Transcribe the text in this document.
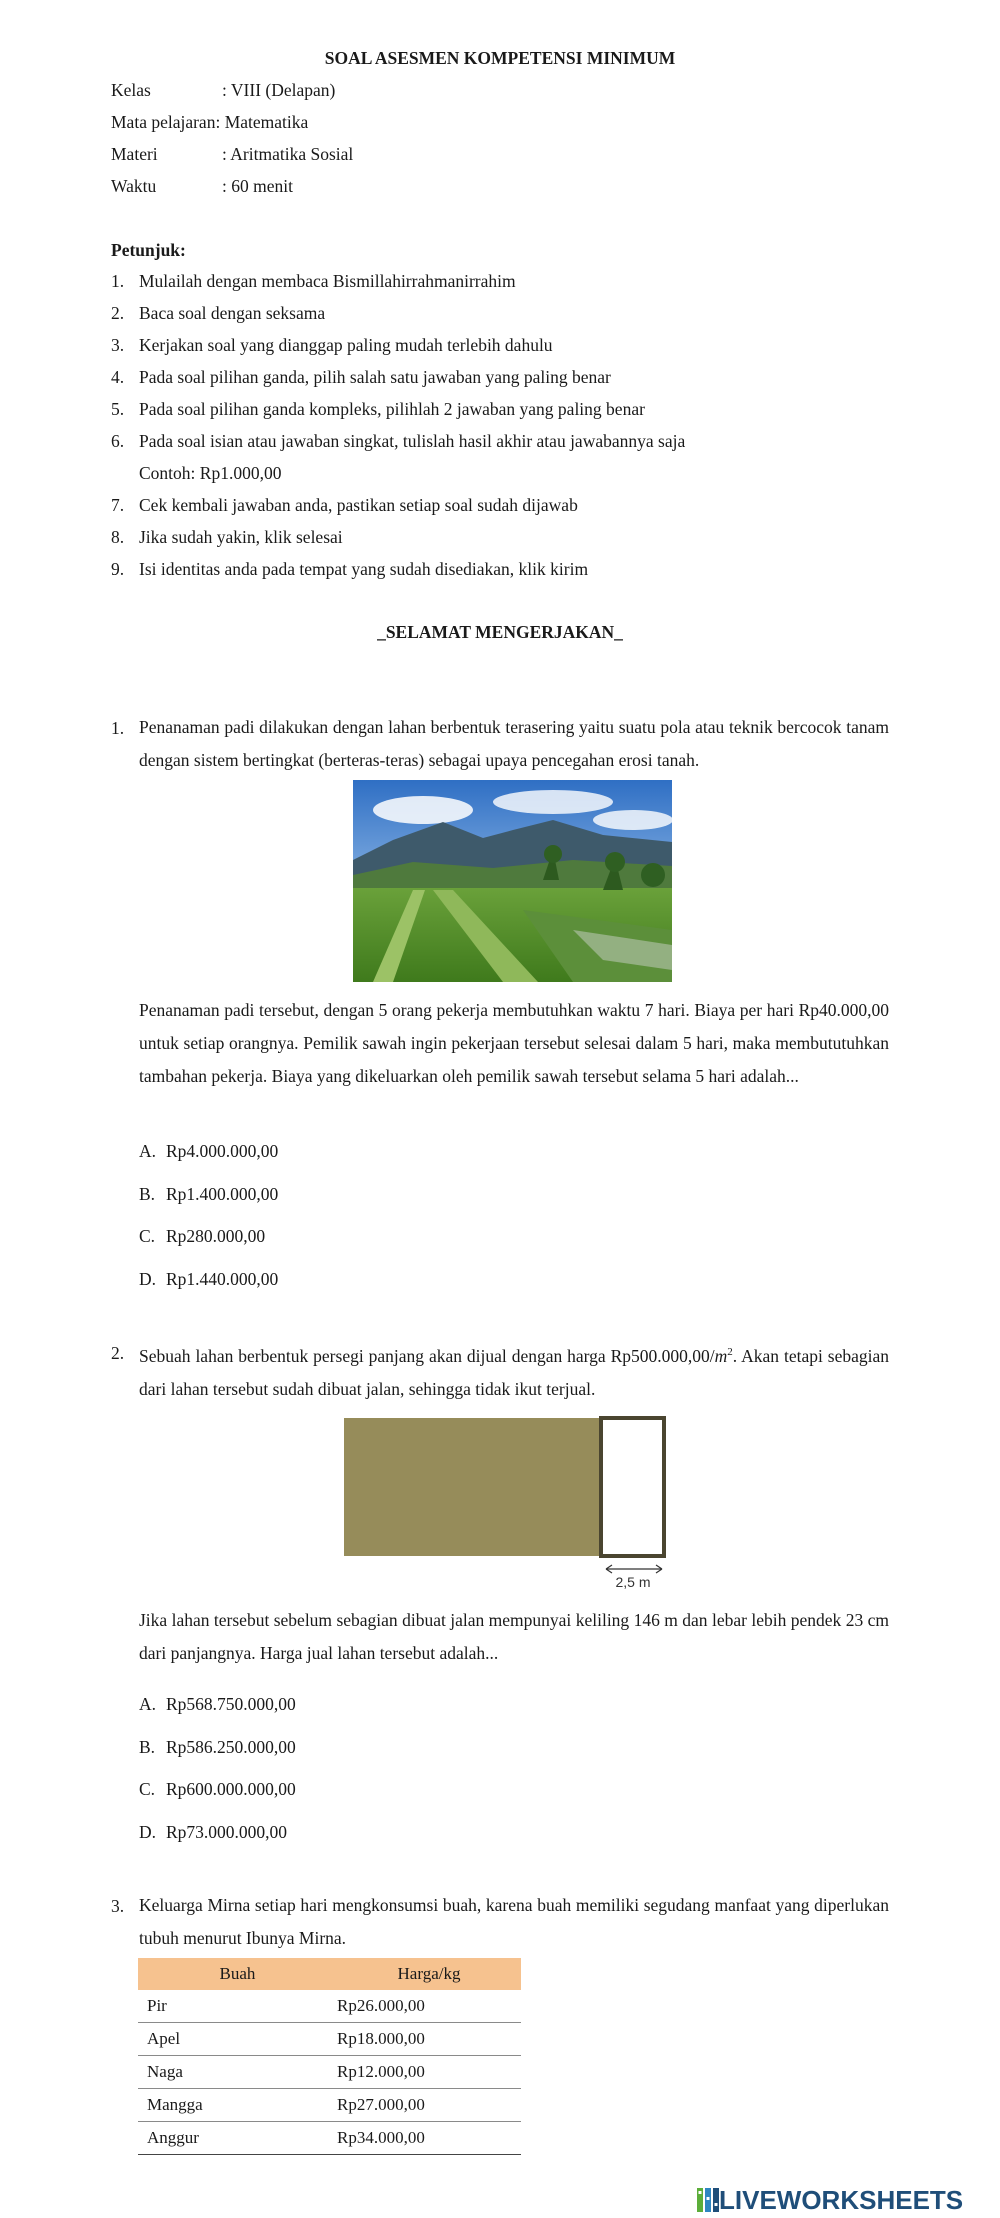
SOAL ASESMEN KOMPETENSI MINIMUM
Kelas	: VIII (Delapan)
Mata pelajaran: Matematika
Materi	: Aritmatika Sosial
Waktu	: 60 menit
Petunjuk:
1. Mulailah dengan membaca Bismillahirrahmanirrahim
2. Baca soal dengan seksama
3. Kerjakan soal yang dianggap paling mudah terlebih dahulu
4. Pada soal pilihan ganda, pilih salah satu jawaban yang paling benar
5. Pada soal pilihan ganda kompleks, pilihlah 2 jawaban yang paling benar
6. Pada soal isian atau jawaban singkat, tulislah hasil akhir atau jawabannya saja
Contoh: Rp1.000,00
7. Cek kembali jawaban anda, pastikan setiap soal sudah dijawab
8. Jika sudah yakin, klik selesai
9. Isi identitas anda pada tempat yang sudah disediakan, klik kirim
_SELAMAT MENGERJAKAN_
1. Penanaman padi dilakukan dengan lahan berbentuk terasering yaitu suatu pola atau teknik bercocok tanam dengan sistem bertingkat (berteras-teras) sebagai upaya pencegahan erosi tanah.
Penanaman padi tersebut, dengan 5 orang pekerja membutuhkan waktu 7 hari. Biaya per hari Rp40.000,00 untuk setiap orangnya. Pemilik sawah ingin pekerjaan tersebut selesai dalam 5 hari, maka membututuhkan tambahan pekerja. Biaya yang dikeluarkan oleh pemilik sawah tersebut selama 5 hari adalah...
A. Rp4.000.000,00
B. Rp1.400.000,00
C. Rp280.000,00
D. Rp1.440.000,00
2. Sebuah lahan berbentuk persegi panjang akan dijual dengan harga $Rp500.000,00/m^2$. Akan tetapi sebagian dari lahan tersebut sudah dibuat jalan, sehingga tidak ikut terjual.
2,5 m
Jika lahan tersebut sebelum sebagian dibuat jalan mempunyai keliling 146 m dan lebar lebih pendek 23 cm dari panjangnya. Harga jual lahan tersebut adalah...
A. Rp568.750.000,00
B. Rp586.250.000,00
C. Rp600.000.000,00
D. Rp73.000.000,00
3. Keluarga Mirna setiap hari mengkonsumsi buah, karena buah memiliki segudang manfaat yang diperlukan tubuh menurut Ibunya Mirna.
Buah	Harga/kg
Pir	Rp26.000,00
Apel	Rp18.000,00
Naga	Rp12.000,00
Mangga	Rp27.000,00
Anggur	Rp34.000,00
LIVEWORKSHEETS
